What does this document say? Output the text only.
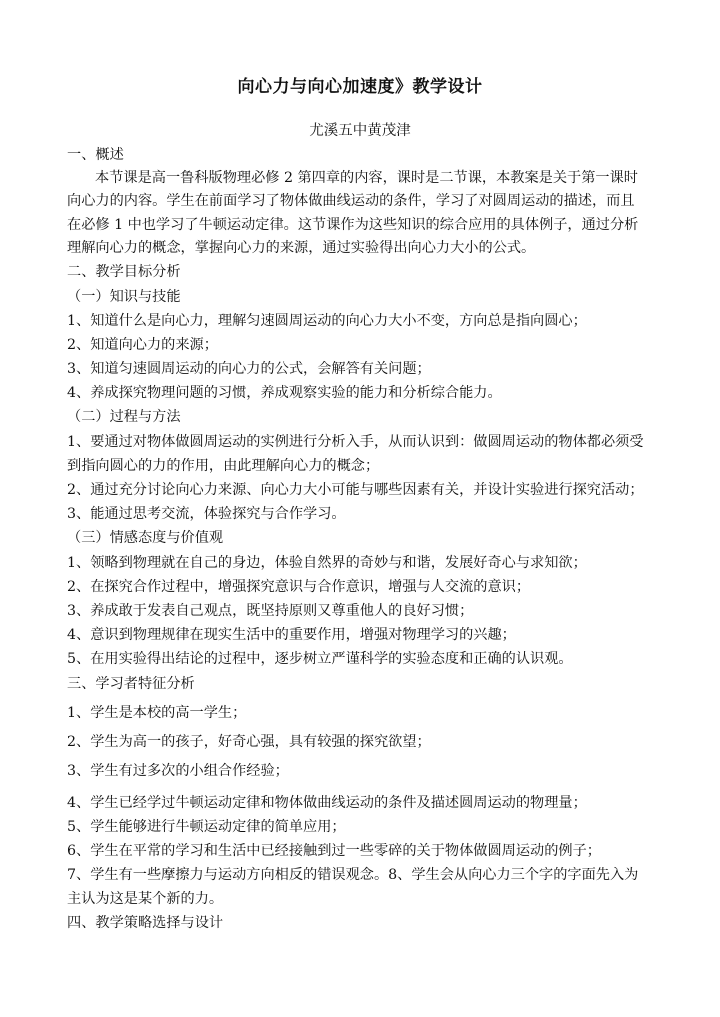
向心力与向心加速度》教学设计
尤溪五中黄茂津
一、概述
本节课是高一鲁科版物理必修 2 第四章的内容，课时是二节课，本教案是关于第一课时
向心力的内容。学生在前面学习了物体做曲线运动的条件，学习了对圆周运动的描述，而且
在必修 1 中也学习了牛顿运动定律。这节课作为这些知识的综合应用的具体例子，通过分析
理解向心力的概念，掌握向心力的来源，通过实验得出向心力大小的公式。
二、教学目标分析
（一）知识与技能
1、知道什么是向心力，理解匀速圆周运动的向心力大小不变，方向总是指向圆心；
2、知道向心力的来源；
3、知道匀速圆周运动的向心力的公式，会解答有关问题；
4、养成探究物理问题的习惯，养成观察实验的能力和分析综合能力。
（二）过程与方法
1、要通过对物体做圆周运动的实例进行分析入手，从而认识到：做圆周运动的物体都必须受
到指向圆心的力的作用，由此理解向心力的概念；
2、通过充分讨论向心力来源、向心力大小可能与哪些因素有关，并设计实验进行探究活动；
3、能通过思考交流，体验探究与合作学习。
（三）情感态度与价值观
1、领略到物理就在自己的身边，体验自然界的奇妙与和谐，发展好奇心与求知欲；
2、在探究合作过程中，增强探究意识与合作意识，增强与人交流的意识；
3、养成敢于发表自己观点，既坚持原则又尊重他人的良好习惯；
4、意识到物理规律在现实生活中的重要作用，增强对物理学习的兴趣；
5、在用实验得出结论的过程中，逐步树立严谨科学的实验态度和正确的认识观。
三、学习者特征分析
1、学生是本校的高一学生；
2、学生为高一的孩子，好奇心强，具有较强的探究欲望；
3、学生有过多次的小组合作经验；
4、学生已经学过牛顿运动定律和物体做曲线运动的条件及描述圆周运动的物理量；
5、学生能够进行牛顿运动定律的简单应用；
6、学生在平常的学习和生活中已经接触到过一些零碎的关于物体做圆周运动的例子；
7、学生有一些摩擦力与运动方向相反的错误观念。8、学生会从向心力三个字的字面先入为
主认为这是某个新的力。
四、教学策略选择与设计
